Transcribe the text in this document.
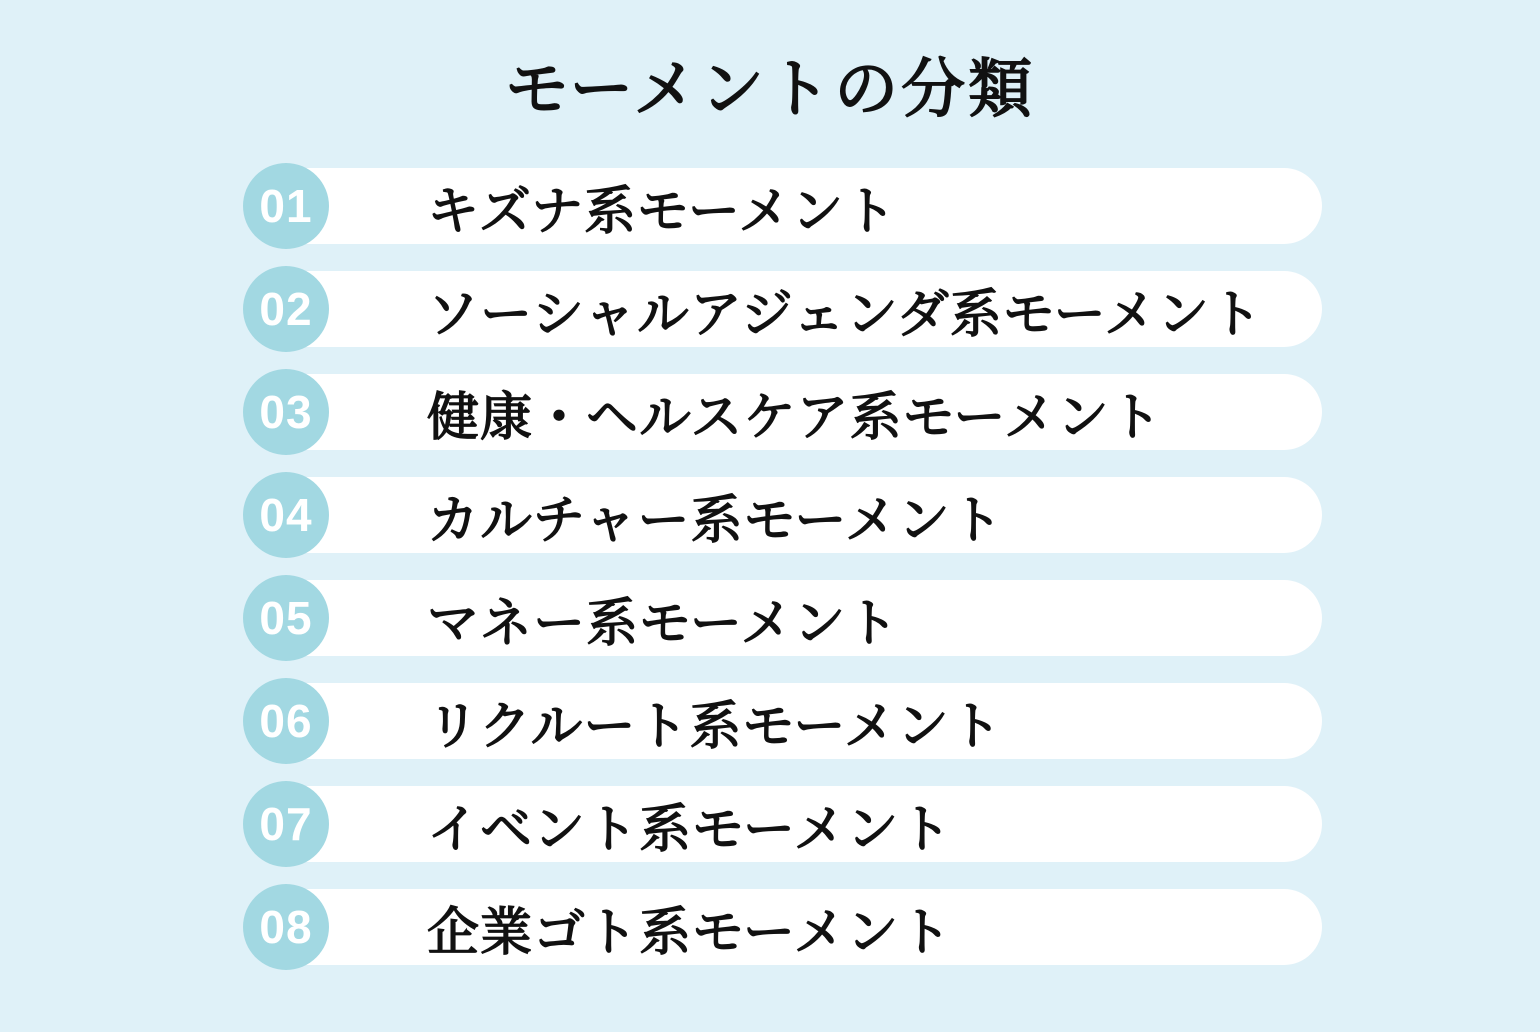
モーメントの分類
01 キズナ系モーメント
02 ソーシャルアジェンダ系モーメント
03 健康・ヘルスケア系モーメント
04 カルチャー系モーメント
05 マネー系モーメント
06 リクルート系モーメント
07 イベント系モーメント
08 企業ゴト系モーメント
